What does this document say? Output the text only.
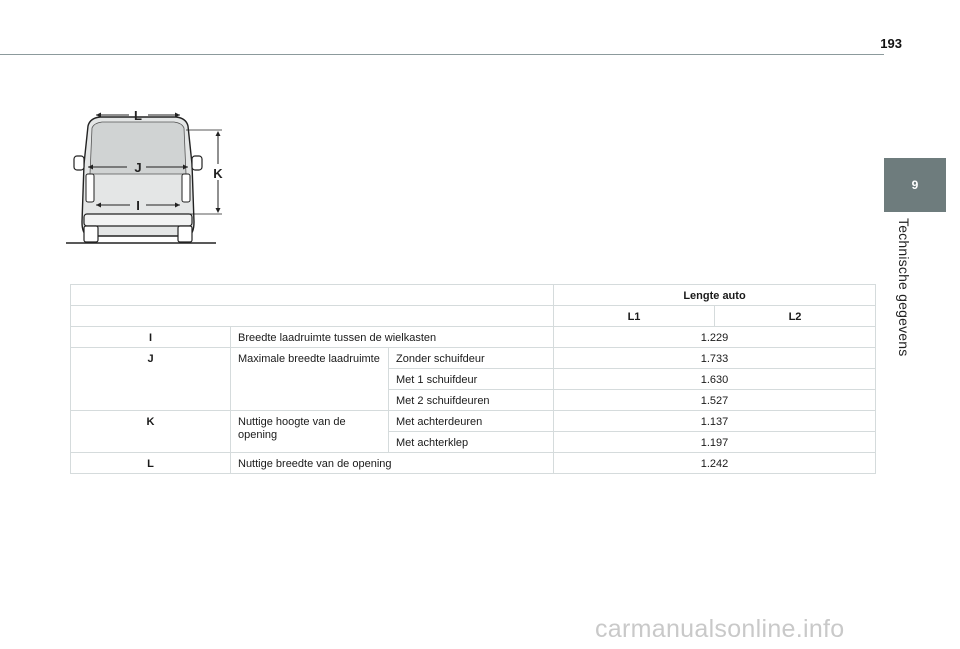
193
9
Technische gegevens
L
J
I
K
			Lengte auto	
			L1	L2
I	Breedte laadruimte tussen de wielkasten		1.229	
J	Maximale breedte laadruimte	Zonder schuifdeur	1.733	
		Met 1 schuifdeur	1.630	
		Met 2 schuifdeuren	1.527	
K	Nuttige hoogte van de opening	Met achterdeuren	1.137	
		Met achterklep	1.197	
L	Nuttige breedte van de opening		1.242	
carmanualsonline.info
